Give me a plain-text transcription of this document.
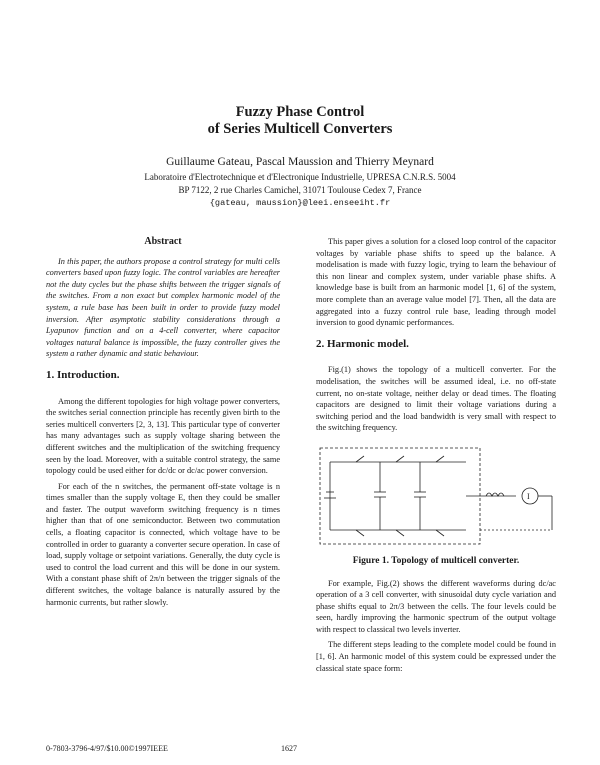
Fuzzy Phase Control
of Series Multicell Converters
Guillaume Gateau, Pascal Maussion and Thierry Meynard
Laboratoire d'Electrotechnique et d'Electronique Industrielle, UPRESA C.N.R.S. 5004
BP 7122, 2 rue Charles Camichel, 31071 Toulouse Cedex 7, France
{gateau, maussion}@leei.enseeiht.fr
Abstract

In this paper, the authors propose a control strategy for multi cells converters based upon fuzzy logic. The control variables are hereafter not the duty cycles but the phase shifts between the trigger signals of the switches. From a non exact but complex harmonic model of the system, a rule base has been built in order to provide fuzzy model inversion. After asymptotic stability considerations through a Lyapunov function and on a 4-cell converter, where capacitor voltages natural balance is impossible, the fuzzy controller gives the system a rather dynamic and static behaviour.

1. Introduction.

Among the different topologies for high voltage power converters, the switches serial connection principle has recently given birth to the series multicell converters [2, 3, 13]. This particular type of converter has many advantages such as supply voltage sharing between the different switches and the multiplication of the switching frequency seen by the load. Moreover, with a suitable control strategy, the same topology could be used either for dc/dc or dc/ac power conversion.

For each of the n switches, the permanent off-state voltage is n times smaller than the supply voltage E, then they could be smaller and faster. The output waveform switching frequency is n times higher than that of one semiconductor. Between two commutation cells, a floating capacitor is connected, which voltage have to be controlled in order to guaranty a converter secure operation. In case of load, supply voltage or setpoint variations. Generally, the duty cycle is used to control the load current and this will be done in our system. With a constant phase shift of 2π/n between the trigger signals of the different switches, the voltage balance is naturally assured by the harmonic currents, but rather slowly.

This paper gives a solution for a closed loop control of the capacitor voltages by variable phase shifts to speed up the balance. A modelisation is made with fuzzy logic, trying to learn the behaviour of this non linear and complex system, under variable phase shifts. A knowledge base is built from an harmonic model [1, 6] of the system, more complete than an average value model [7]. Then, all the data are aggregated into a fuzzy control rule base, leading through model inversion to good dynamic performances.

2. Harmonic model.

Fig.(1) shows the topology of a multicell converter. For the modelisation, the switches will be assumed ideal, i.e. no off-state current, no on-state voltage, neither delay or dead times. The floating capacitors are designed to limit their voltage variations during a switching period and the load bandwidth is very small with respect to the switching frequency.

I
Figure 1. Topology of multicell converter.

For example, Fig.(2) shows the different waveforms during dc/ac operation of a 3 cell converter, with sinusoidal duty cycle variation and phase shifts equal to 2π/3 between the cells. The four levels could be seen, hardly improving the harmonic spectrum of the output voltage with respect to classical two levels inverter.

The different steps leading to the complete model could be found in [1, 6]. An harmonic model of this system could be expressed under the classical state space form:

0-7803-3796-4/97/$10.00©1997IEEE	1627
